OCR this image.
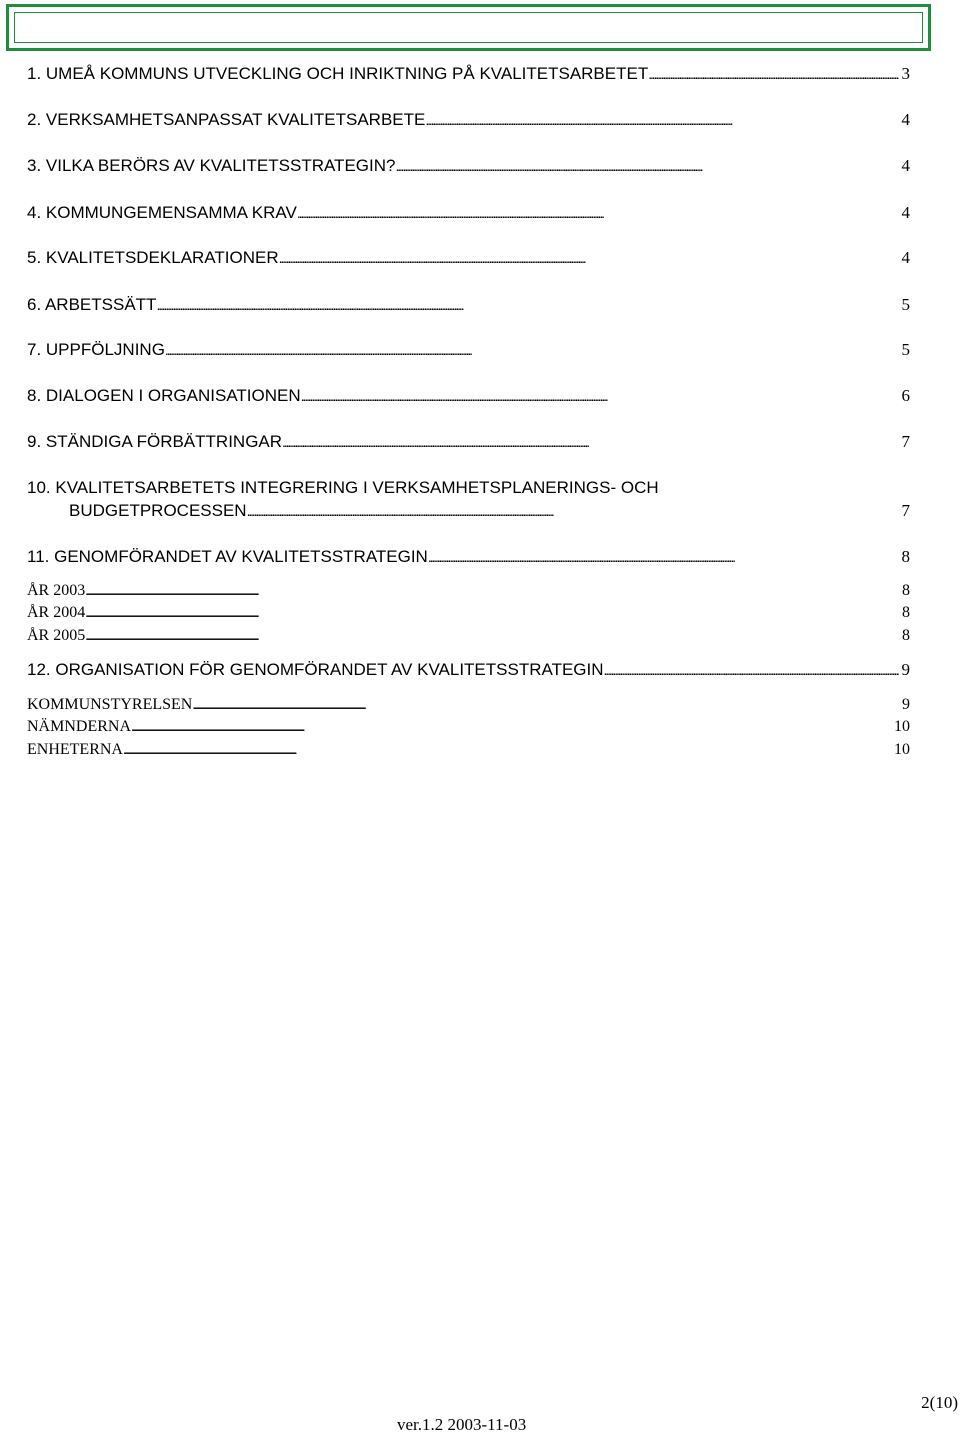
1. UMEÅ KOMMUNS UTVECKLING OCH INRIKTNING PÅ KVALITETSARBETET . . .	3
2. VERKSAMHETSANPASSAT KVALITETSARBETE . . .	4
3. VILKA BERÖRS AV KVALITETSSTRATEGIN? . . .	4
4. KOMMUNGEMENSAMMA KRAV . . .	4
5. KVALITETSDEKLARATIONER . . .	4
6. ARBETSSÄTT . . .	5
7. UPPFÖLJNING . . .	5
8. DIALOGEN I ORGANISATIONEN . . .	6
9. STÄNDIGA FÖRBÄTTRINGAR . . .	7
10. KVALITETSARBETETS INTEGRERING I VERKSAMHETSPLANERINGS- OCH
BUDGETPROCESSEN . . .	7
11. GENOMFÖRANDET AV KVALITETSSTRATEGIN . . .	8
ÅR 2003 . . .	8
ÅR 2004 . . .	8
ÅR 2005 . . .	8
12. ORGANISATION FÖR GENOMFÖRANDET AV KVALITETSSTRATEGIN . . .	9
KOMMUNSTYRELSEN . . .	9
NÄMNDERNA . . .	10
ENHETERNA . . .	10
2(10)
ver.1.2 2003-11-03
